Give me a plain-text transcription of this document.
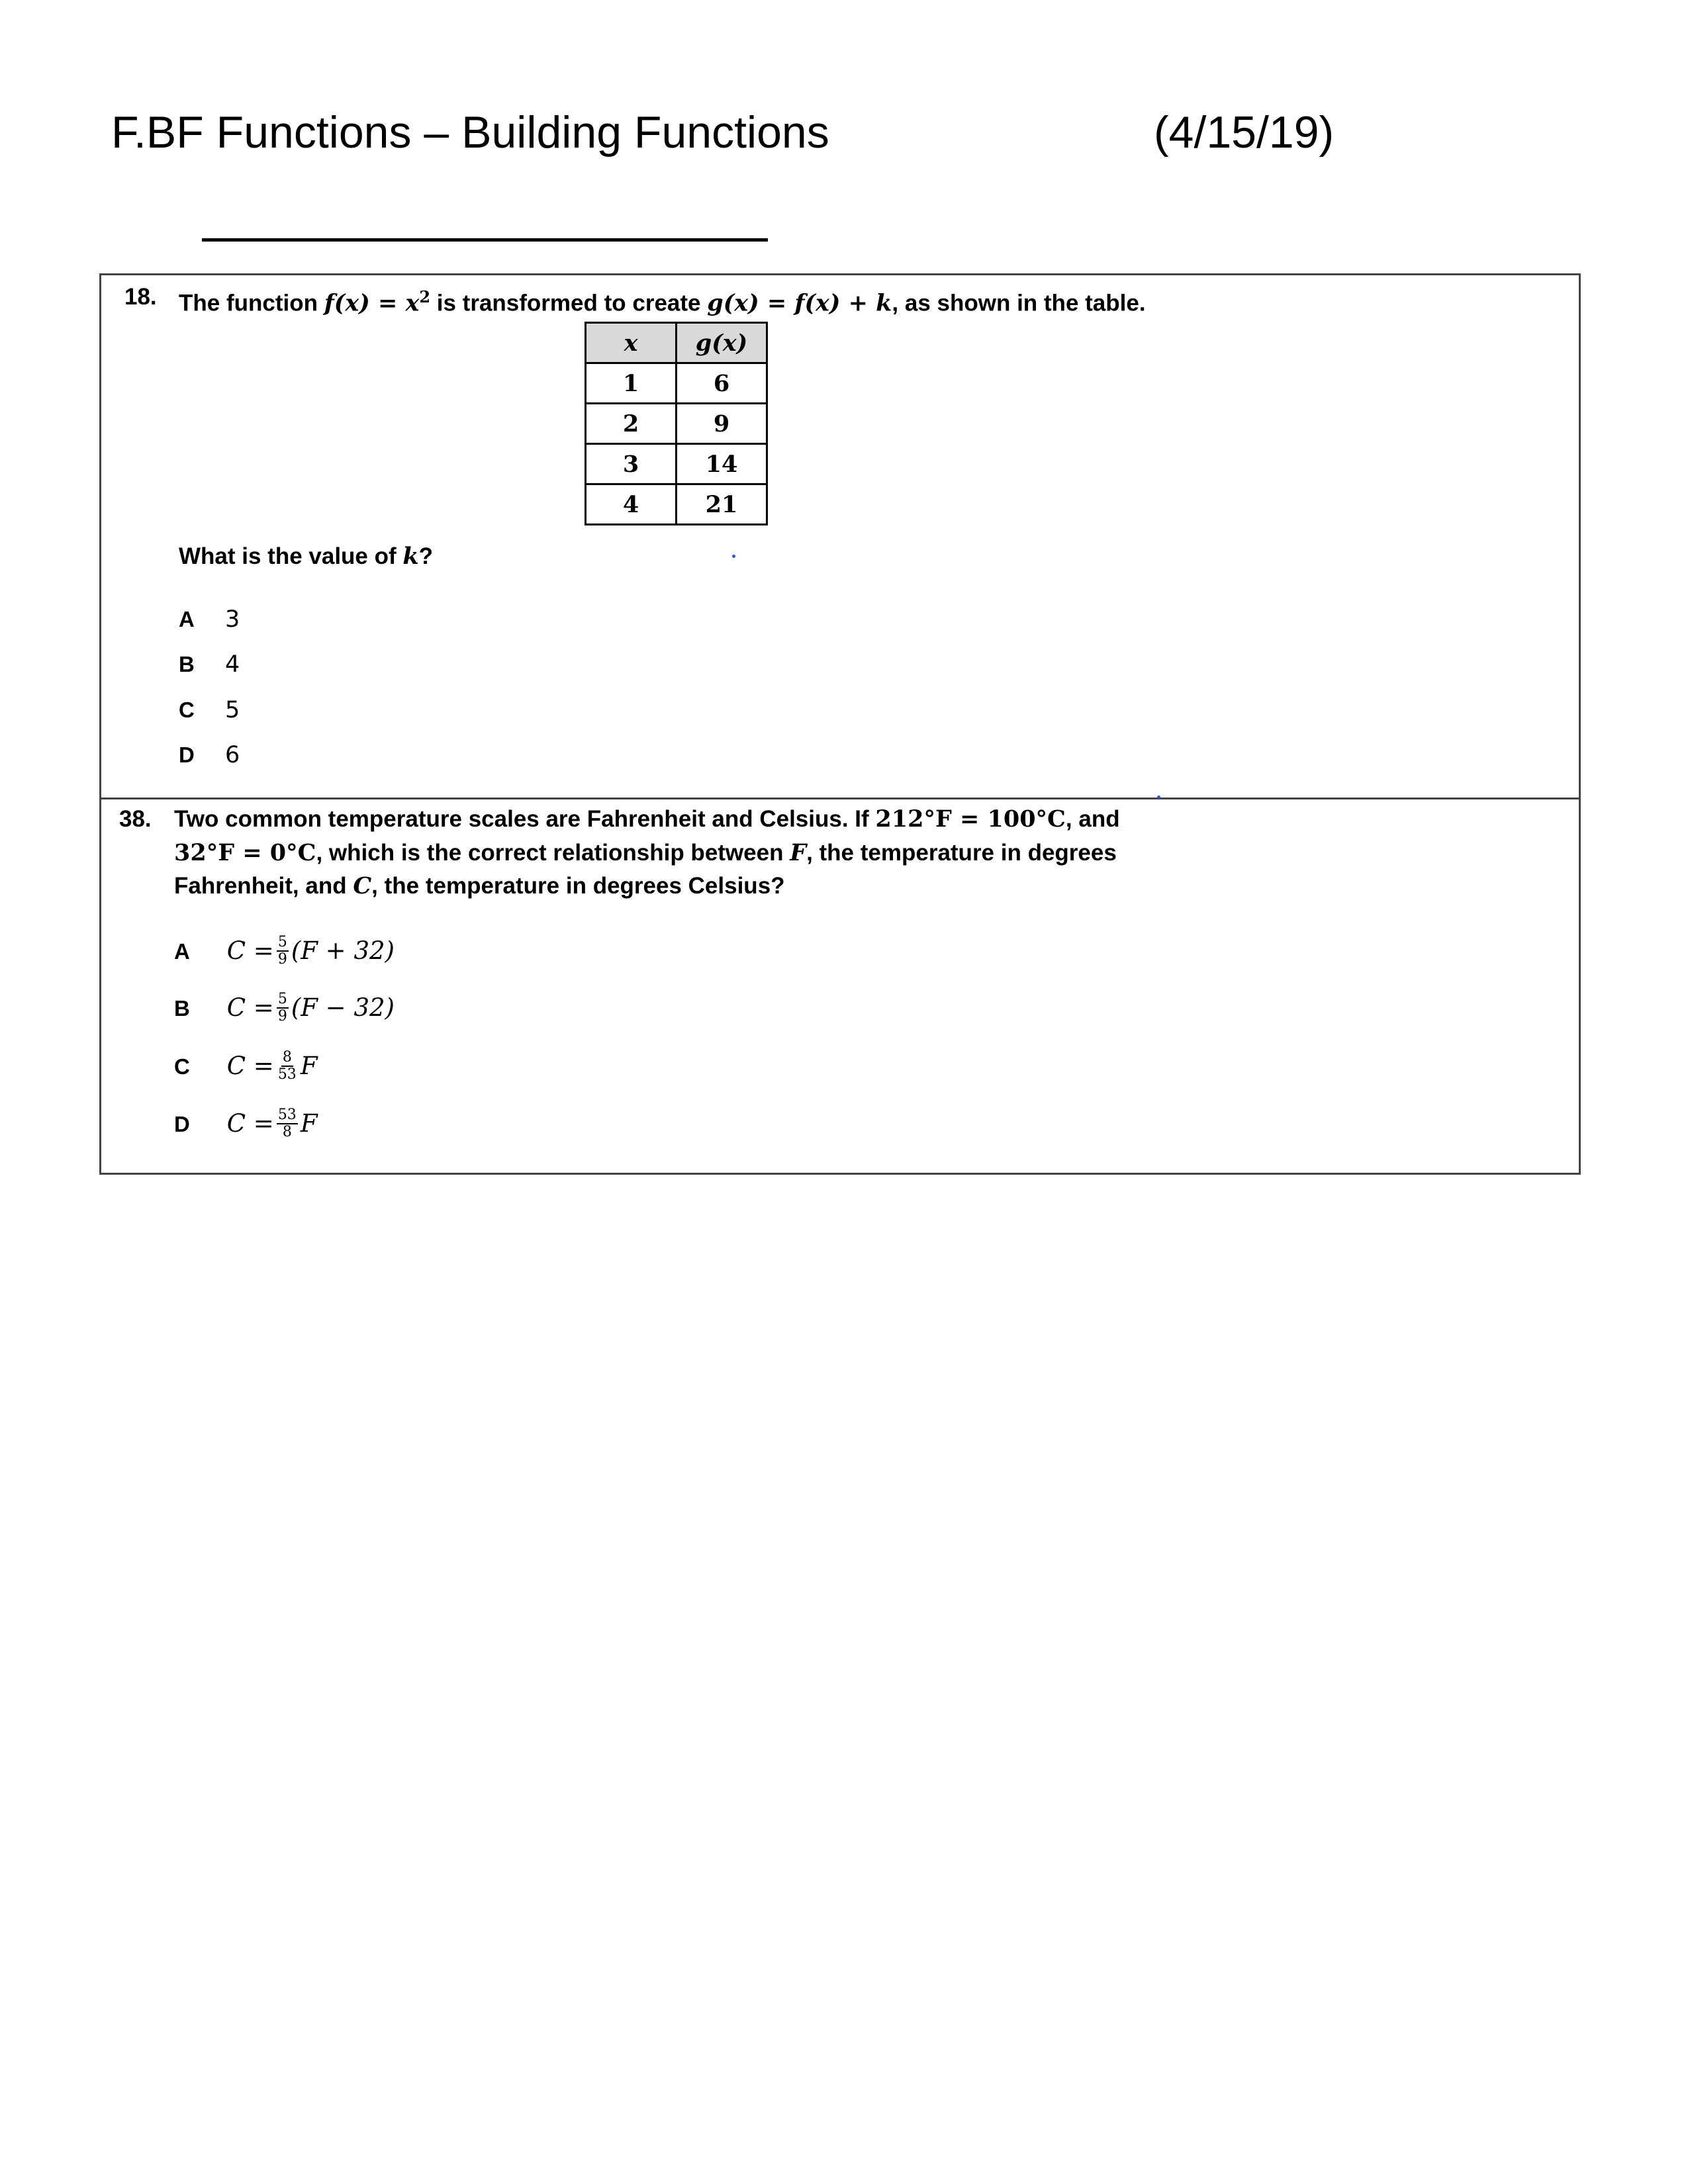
F.BF Functions – Building Functions	(4/15/19)
18. The function $f(x) = x^2$ is transformed to create g(x) = f(x) + k, as shown in the table.
x	g(x)
1	6
2	9
3	14
4	21
What is the value of k?
A 3
B 4
C 5
D 6
38. Two common temperature scales are Fahrenheit and Celsius. If 212°F = 100°C, and
32°F = 0°C, which is the correct relationship between F, the temperature in degrees
Fahrenheit, and C, the temperature in degrees Celsius?
A $C = \frac{5}{9} (F + 32)$
B $C = \frac{5}{9} (F - 32)$
C $C = \frac{8}{53}$ F
D $C = \frac{53}{8}$ F
